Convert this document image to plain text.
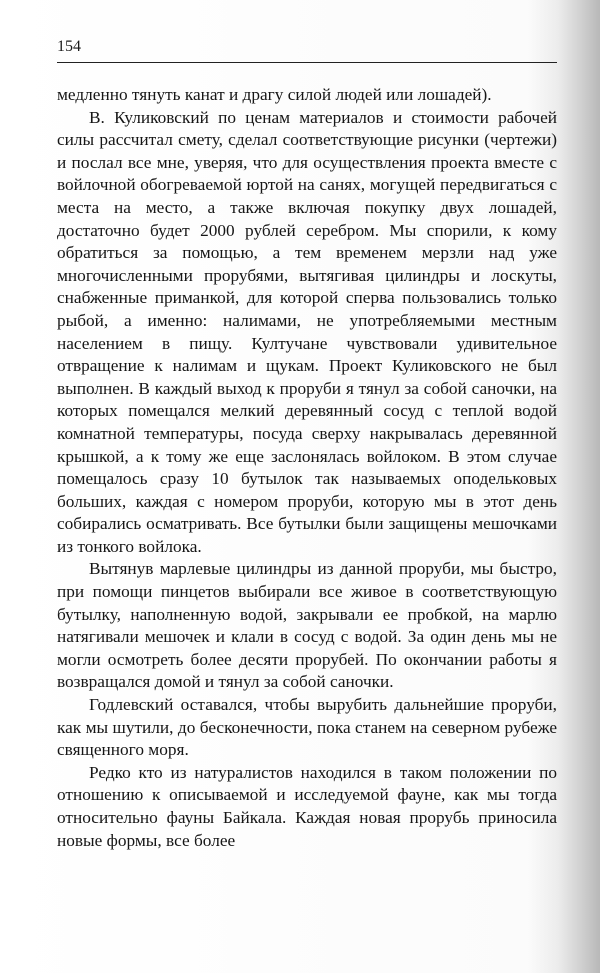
154

медленно тянуть канат и драгу силой людей или лошадей).

В. Куликовский по ценам материалов и стоимости рабочей силы рассчитал смету, сделал соответствующие рисунки (чертежи) и послал все мне, уверяя, что для осуществления проекта вместе с войлочной обогреваемой юртой на санях, могущей передвигаться с места на место, а также включая покупку двух лошадей, достаточно будет 2000 рублей серебром. Мы спорили, к кому обратиться за помощью, а тем временем мерзли над уже многочисленными прорубями, вытягивая цилиндры и лоскуты, снабженные приманкой, для которой сперва пользовались только рыбой, а именно: налимами, не употребляемыми местным населением в пищу. Култучане чувствовали удивительное отвращение к налимам и щукам. Проект Куликовского не был выполнен. В каждый выход к проруби я тянул за собой саночки, на которых помещался мелкий деревянный сосуд с теплой водой комнатной температуры, посуда сверху накрывалась деревянной крышкой, а к тому же еще заслонялась войлоком. В этом случае помещалось сразу 10 бутылок так называемых оподельковых больших, каждая с номером проруби, которую мы в этот день собирались осматривать. Все бутылки были защищены мешочками из тонкого войлока.

Вытянув марлевые цилиндры из данной проруби, мы быстро, при помощи пинцетов выбирали все живое в соответствующую бутылку, наполненную водой, закрывали ее пробкой, на марлю натягивали мешочек и клали в сосуд с водой. За один день мы не могли осмотреть более десяти прорубей. По окончании работы я возвращался домой и тянул за собой саночки.

Годлевский оставался, чтобы вырубить дальнейшие проруби, как мы шутили, до бесконечности, пока станем на северном рубеже священного моря.

Редко кто из натуралистов находился в таком положении по отношению к описываемой и исследуемой фауне, как мы тогда относительно фауны Байкала. Каждая новая прорубь приносила новые формы, все более
